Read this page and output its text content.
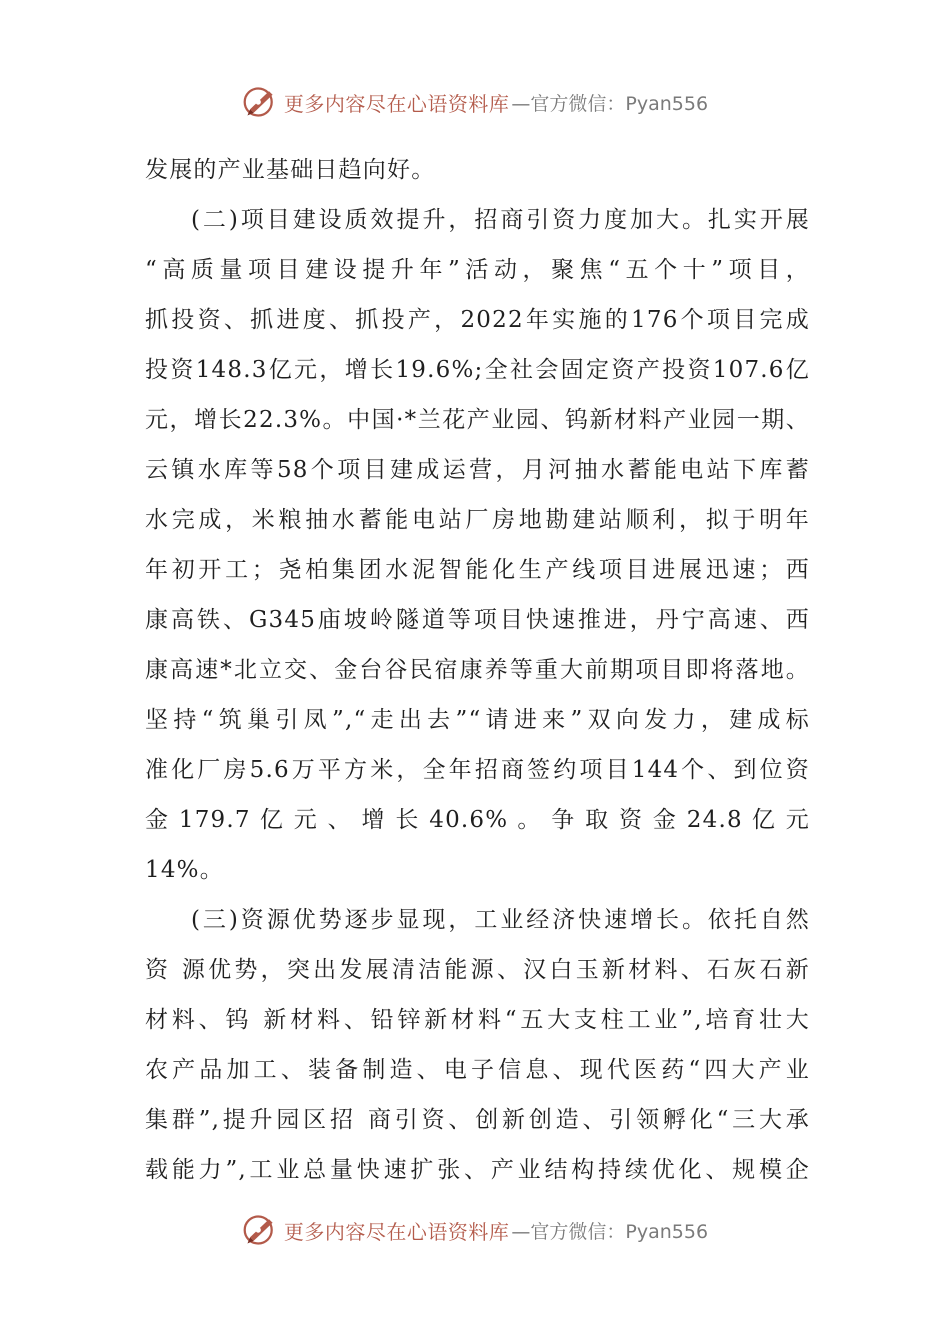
更多内容尽在心语资料库 —官方微信：Pyan556
发展的产业基础日趋向好。
(二)项目建设质效提升，招商引资力度加大。扎实开展
“高质量项目建设提升年”活动，聚焦“五个十”项目，
抓投资、抓进度、抓投产，2022年实施的176个项目完成
投资148.3亿元，增长19.6%;全社会固定资产投资107.6亿
元，增长22.3%。中国·*兰花产业园、钨新材料产业园一期、
云镇水库等58个项目建成运营，月河抽水蓄能电站下库蓄
水完成，米粮抽水蓄能电站厂房地勘建站顺利，拟于明年
年初开工；尧柏集团水泥智能化生产线项目进展迅速；西
康高铁、G345庙坡岭隧道等项目快速推进，丹宁高速、西
康高速*北立交、金台谷民宿康养等重大前期项目即将落地。
坚持“筑巢引凤”,“走出去”“请进来”双向发力，建成标
准化厂房5.6万平方米，全年招商签约项目144个、到位资
金 179.7 亿 元 、 增 长 40.6% 。 争 取 资 金 24.8 亿 元
14%。
(三)资源优势逐步显现，工业经济快速增长。依托自然
资 源优势，突出发展清洁能源、汉白玉新材料、石灰石新
材料、钨 新材料、铅锌新材料“五大支柱工业”,培育壮大
农产品加工、装备制造、电子信息、现代医药“四大产业
集群”,提升园区招 商引资、创新创造、引领孵化“三大承
载能力”,工业总量快速扩张、产业结构持续优化、规模企
更多内容尽在心语资料库 —官方微信：Pyan556
